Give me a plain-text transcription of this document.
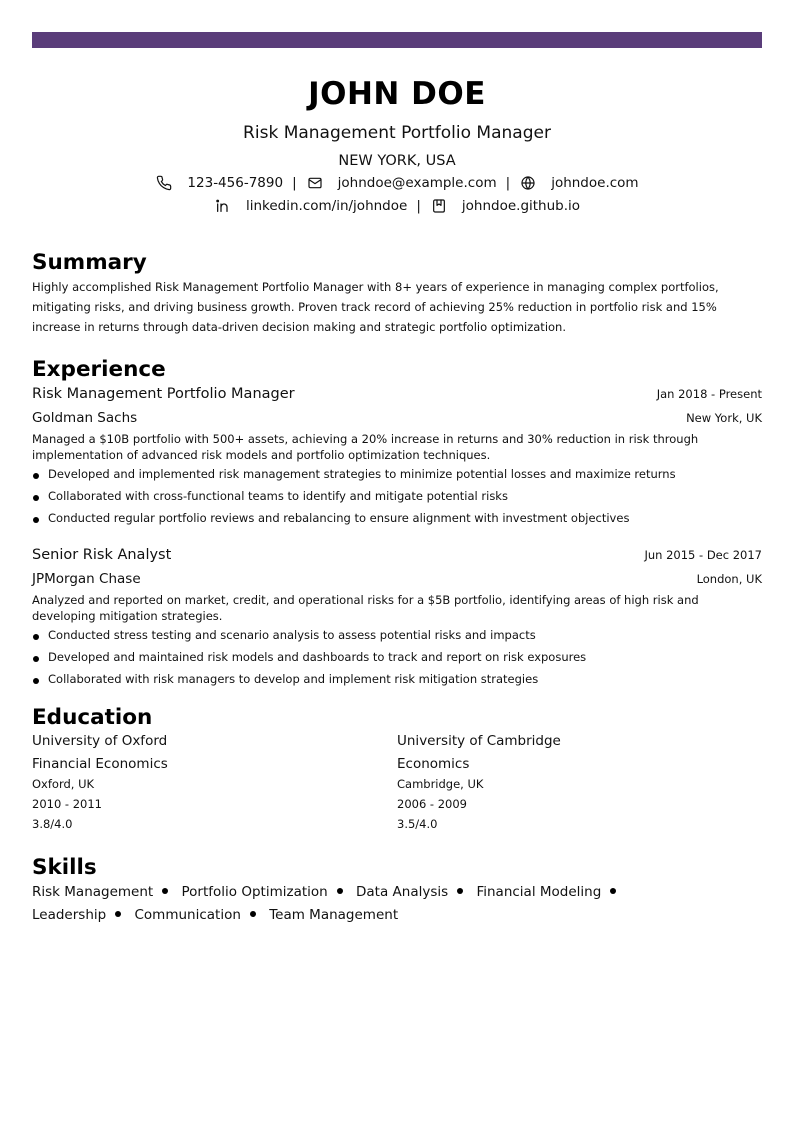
JOHN DOE
Risk Management Portfolio Manager
NEW YORK, USA
123-456-7890 |	johndoe@example.com |	johndoe.com
linkedin.com/in/johndoe |	johndoe.github.io
Summary

Highly accomplished Risk Management Portfolio Manager with 8+ years of experience in managing complex portfolios, mitigating risks, and driving business growth. Proven track record of achieving 25% reduction in portfolio risk and 15% increase in returns through data-driven decision making and strategic portfolio optimization.

Experience
Risk Management Portfolio Manager	Jan 2018 - Present
Goldman Sachs	New York, UK

Managed a $10B portfolio with 500+ assets, achieving a 20% increase in returns and 30% reduction in risk through implementation of advanced risk models and portfolio optimization techniques.

Developed and implemented risk management strategies to minimize potential losses and maximize returns
Collaborated with cross-functional teams to identify and mitigate potential risks
Conducted regular portfolio reviews and rebalancing to ensure alignment with investment objectives
Senior Risk Analyst	Jun 2015 - Dec 2017
JPMorgan Chase	London, UK

Analyzed and reported on market, credit, and operational risks for a $5B portfolio, identifying areas of high risk and developing mitigation strategies.

Conducted stress testing and scenario analysis to assess potential risks and impacts
Developed and maintained risk models and dashboards to track and report on risk exposures
Collaborated with risk managers to develop and implement risk mitigation strategies
Education
University of Oxford
Financial Economics
Oxford, UK
2010 - 2011
3.8/4.0
University of Cambridge
Economics
Cambridge, UK
2006 - 2009
3.5/4.0
Skills
Risk Management Portfolio Optimization Data Analysis Financial Modeling Leadership Communication Team Management
